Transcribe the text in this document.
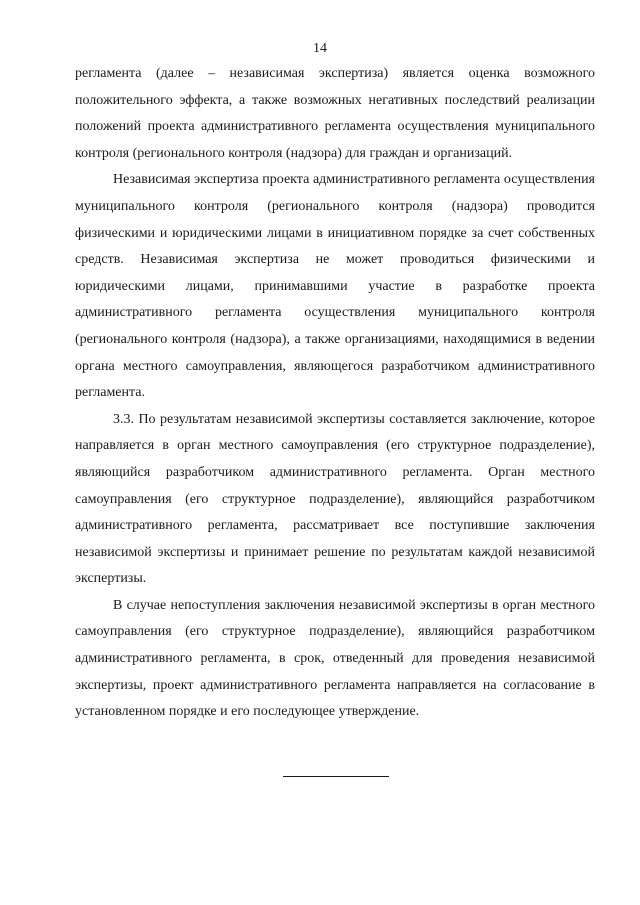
14

регламента (далее – независимая экспертиза) является оценка возможного положительного эффекта, а также возможных негативных последствий реализации положений проекта административного регламента осуществления муниципального контроля (регионального контроля (надзора) для граждан и организаций.

Независимая экспертиза проекта административного регламента осуществления муниципального контроля (регионального контроля (надзора) проводится физическими и юридическими лицами в инициативном порядке за счет собственных средств. Независимая экспертиза не может проводиться физическими и юридическими лицами, принимавшими участие в разработке проекта административного регламента осуществления муниципального контроля (регионального контроля (надзора), а также организациями, находящимися в ведении органа местного самоуправления, являющегося разработчиком административного регламента.

3.3. По результатам независимой экспертизы составляется заключение, которое направляется в орган местного самоуправления (его структурное подразделение), являющийся разработчиком административного регламента. Орган местного самоуправления (его структурное подразделение), являющийся разработчиком административного регламента, рассматривает все поступившие заключения независимой экспертизы и принимает решение по результатам каждой независимой экспертизы.

В случае непоступления заключения независимой экспертизы в орган местного самоуправления (его структурное подразделение), являющийся разработчиком административного регламента, в срок, отведенный для проведения независимой экспертизы, проект административного регламента направляется на согласование в установленном порядке и его последующее утверждение.
